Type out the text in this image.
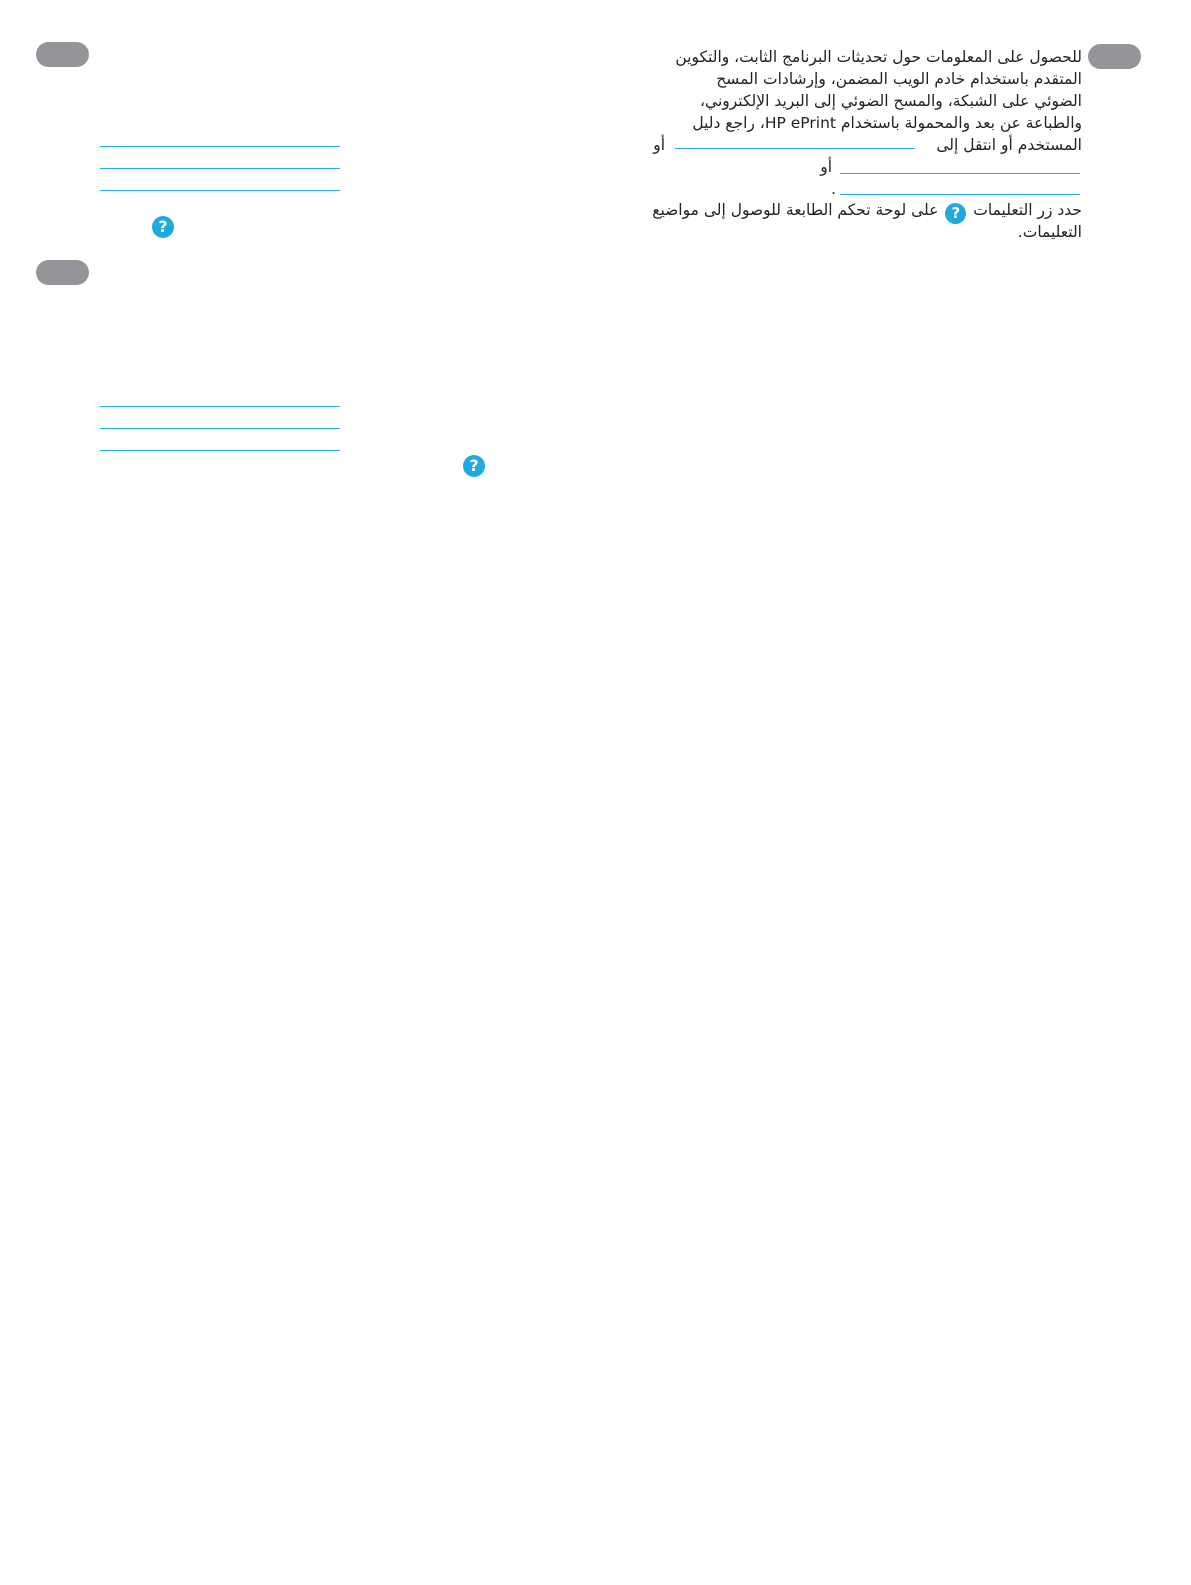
?
?
للحصول على المعلومات حول تحديثات البرنامج الثابت، والتكوين
المتقدم باستخدام خادم الويب المضمن، وإرشادات المسح
الضوئي على الشبكة، والمسح الضوئي إلى البريد الإلكتروني،
والطباعة عن بعد والمحمولة باستخدام HP ePrint، راجع دليل
المستخدم أو انتقل إلى
أو
أو
.
حدد زر التعليمات ? على لوحة تحكم الطابعة للوصول إلى مواضيع
التعليمات.
